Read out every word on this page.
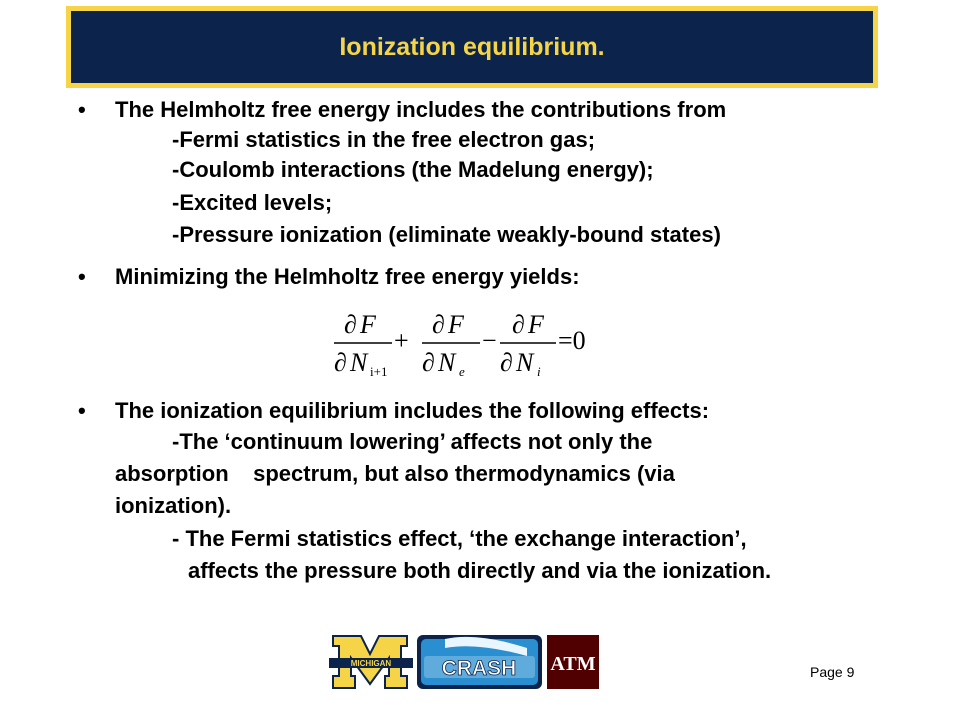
Ionization equilibrium.
• The Helmholtz free energy includes the contributions from
-Fermi statistics in the free electron gas;
-Coulomb interactions (the Madelung energy);
-Excited levels;
-Pressure ionization (eliminate weakly-bound states)
• Minimizing the Helmholtz free energy yields:
∂ F
∂ N i+1
+
∂ F
∂ N e
−
∂ F
∂ N i
=0
• The ionization equilibrium includes the following effects:
-The ‘continuum lowering’ affects not only the
absorption    spectrum, but also thermodynamics (via
ionization).
- The Fermi statistics effect, ‘the exchange interaction’,
affects the pressure both directly and via the ionization.
MICHIGAN CRASH ATM	Page 9
